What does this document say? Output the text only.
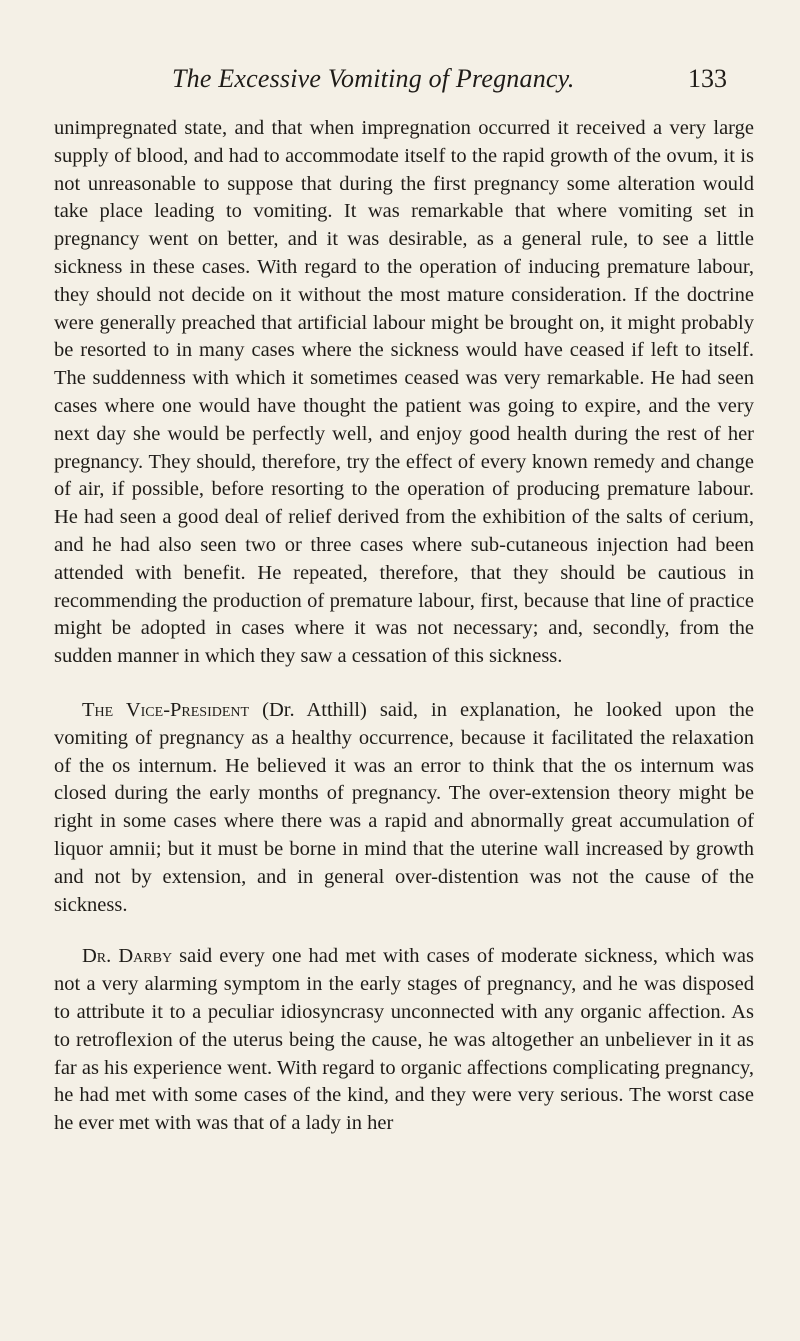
The Excessive Vomiting of Pregnancy.	133

unimpregnated state, and that when impregnation occurred it received a very large supply of blood, and had to accommodate itself to the rapid growth of the ovum, it is not unreasonable to suppose that during the first pregnancy some alteration would take place leading to vomiting. It was remarkable that where vomiting set in pregnancy went on better, and it was desirable, as a general rule, to see a little sickness in these cases. With regard to the operation of inducing premature labour, they should not decide on it without the most mature consideration. If the doctrine were generally preached that artificial labour might be brought on, it might probably be resorted to in many cases where the sickness would have ceased if left to itself. The suddenness with which it sometimes ceased was very remarkable. He had seen cases where one would have thought the patient was going to expire, and the very next day she would be perfectly well, and enjoy good health during the rest of her pregnancy. They should, therefore, try the effect of every known remedy and change of air, if possible, before resorting to the operation of producing premature labour. He had seen a good deal of relief derived from the exhibition of the salts of cerium, and he had also seen two or three cases where sub-cutaneous injection had been attended with benefit. He repeated, therefore, that they should be cautious in recommending the production of premature labour, first, because that line of practice might be adopted in cases where it was not necessary; and, secondly, from the sudden manner in which they saw a cessation of this sickness.

The Vice-President (Dr. Atthill) said, in explanation, he looked upon the vomiting of pregnancy as a healthy occurrence, because it facilitated the relaxation of the os internum. He believed it was an error to think that the os internum was closed during the early months of pregnancy. The over-extension theory might be right in some cases where there was a rapid and abnormally great accumulation of liquor amnii; but it must be borne in mind that the uterine wall increased by growth and not by extension, and in general over-distention was not the cause of the sickness.

Dr. Darby said every one had met with cases of moderate sickness, which was not a very alarming symptom in the early stages of pregnancy, and he was disposed to attribute it to a peculiar idiosyncrasy unconnected with any organic affection. As to retroflexion of the uterus being the cause, he was altogether an unbeliever in it as far as his experience went. With regard to organic affections complicating pregnancy, he had met with some cases of the kind, and they were very serious. The worst case he ever met with was that of a lady in her
